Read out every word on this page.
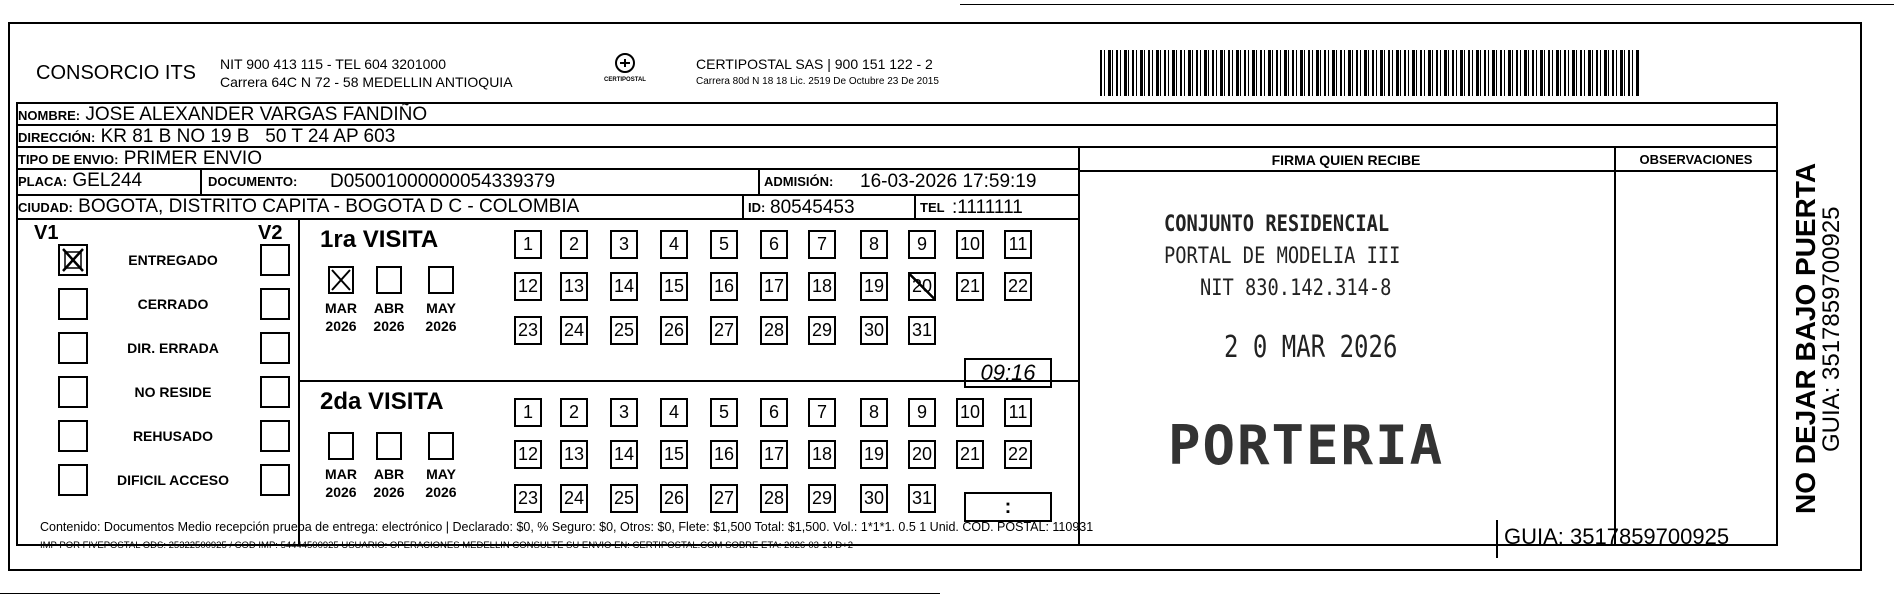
CONSORCIO ITS NIT 900 413 115 - TEL 604 3201000
Carrera 64C N 72 - 58 MEDELLIN ANTIOQUIA	CERTIPOSTAL
CERTIPOSTAL SAS | 900 151 122 - 2
Carrera 80d N 18 18 Lic. 2519 De Octubre 23 De 2015
NOMBRE: JOSE ALEXANDER VARGAS FANDIÑO
DIRECCIÓN: KR 81 B NO 19 B   50 T 24 AP 603
TIPO DE ENVIO: PRIMER ENVIO
PLACA: GEL244	DOCUMENTO: D05001000000054339379	ADMISIÓN: 16-03-2026 17:59:19
CIUDAD: BOGOTA, DISTRITO CAPITA - BOGOTA D C - COLOMBIA	ID: 80545453	TEL :1111111
FIRMA QUIEN RECIBE	OBSERVACIONES
CONJUNTO RESIDENCIAL
PORTAL DE MODELIA III
NIT 830.142.314-8
2 0 MAR 2026
PORTERIA
V1	V2
ENTREGADO
CERRADO
DIR. ERRADA
NO RESIDE
REHUSADO
DIFICIL ACCESO
1ra VISITA
MAR	ABR	MAY
2026	2026	2026
2da VISITA
MAR	ABR	MAY
2026	2026	2026
1	2	3	4	5	6	7	8	9	10 11
12 13 14 15 16 17 18 19 20 21 22
23 24 25 26 27 28 29 30 31
1	2	3	4	5	6	7	8	9	10 11
12 13 14 15 16 17 18 19 20 21 22
23 24 25 26 27 28 29 30 31
09:16
:
Contenido: Documentos Medio recepción prueba de entrega: electrónico | Declarado: $0, % Seguro: $0, Otros: $0, Flete: $1,500 Total: $1,500. Vol.: 1*1*1. 0.5 1 Unid. COD. POSTAL: 110931
IMP POR FIVEPOSTAL ODS: 25322500925 / COD IMP: 54444500925 USUARIO: OPERACIONES MEDELLIN CONSULTE SU ENVIO EN: CERTIPOSTAL.COM SOBRE ETA: 2026-03-18 D+2	GUIA: 3517859700925
NO DEJAR BAJO PUERTA
GUIA: 3517859700925
